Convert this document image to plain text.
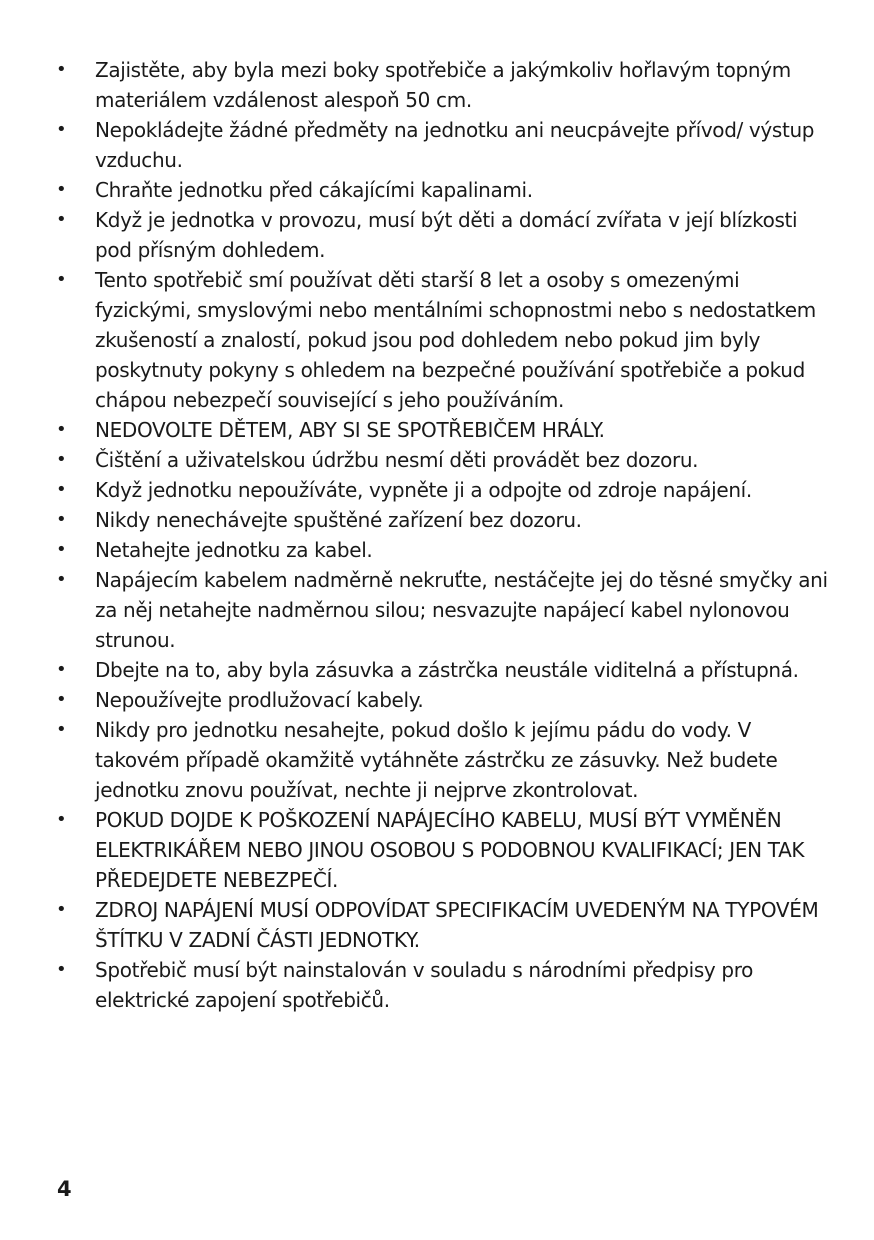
• Zajistěte, aby byla mezi boky spotřebiče a jakýmkoliv hořlavým topným materiálem vzdálenost alespoň 50 cm.
• Nepokládejte žádné předměty na jednotku ani neucpávejte přívod/ výstup vzduchu.
• Chraňte jednotku před cákajícími kapalinami.
• Když je jednotka v provozu, musí být děti a domácí zvířata v její blízkosti pod přísným dohledem.
• Tento spotřebič smí používat děti starší 8 let a osoby s omezenými fyzickými, smyslovými nebo mentálními schopnostmi nebo s nedostatkem zkušeností a znalostí, pokud jsou pod dohledem nebo pokud jim byly poskytnuty pokyny s ohledem na bezpečné používání spotřebiče a pokud chápou nebezpečí související s jeho používáním.
• NEDOVOLTE DĚTEM, ABY SI SE SPOTŘEBIČEM HRÁLY.
• Čištění a uživatelskou údržbu nesmí děti provádět bez dozoru.
• Když jednotku nepoužíváte, vypněte ji a odpojte od zdroje napájení.
• Nikdy nenechávejte spuštěné zařízení bez dozoru.
• Netahejte jednotku za kabel.
• Napájecím kabelem nadměrně nekruťte, nestáčejte jej do těsné smyčky ani za něj netahejte nadměrnou silou; nesvazujte napájecí kabel nylonovou strunou.
• Dbejte na to, aby byla zásuvka a zástrčka neustále viditelná a přístupná.
• Nepoužívejte prodlužovací kabely.
• Nikdy pro jednotku nesahejte, pokud došlo k jejímu pádu do vody. V takovém případě okamžitě vytáhněte zástrčku ze zásuvky. Než budete jednotku znovu používat, nechte ji nejprve zkontrolovat.
• POKUD DOJDE K POŠKOZENÍ NAPÁJECÍHO KABELU, MUSÍ BÝT VYMĚNĚN ELEKTRIKÁŘEM NEBO JINOU OSOBOU S PODOBNOU KVALIFIKACÍ; JEN TAK PŘEDEJDETE NEBEZPEČÍ.
• ZDROJ NAPÁJENÍ MUSÍ ODPOVÍDAT SPECIFIKACÍM UVEDENÝM NA TYPOVÉM ŠTÍTKU V ZADNÍ ČÁSTI JEDNOTKY.
• Spotřebič musí být nainstalován v souladu s národními předpisy pro elektrické zapojení spotřebičů.
4
